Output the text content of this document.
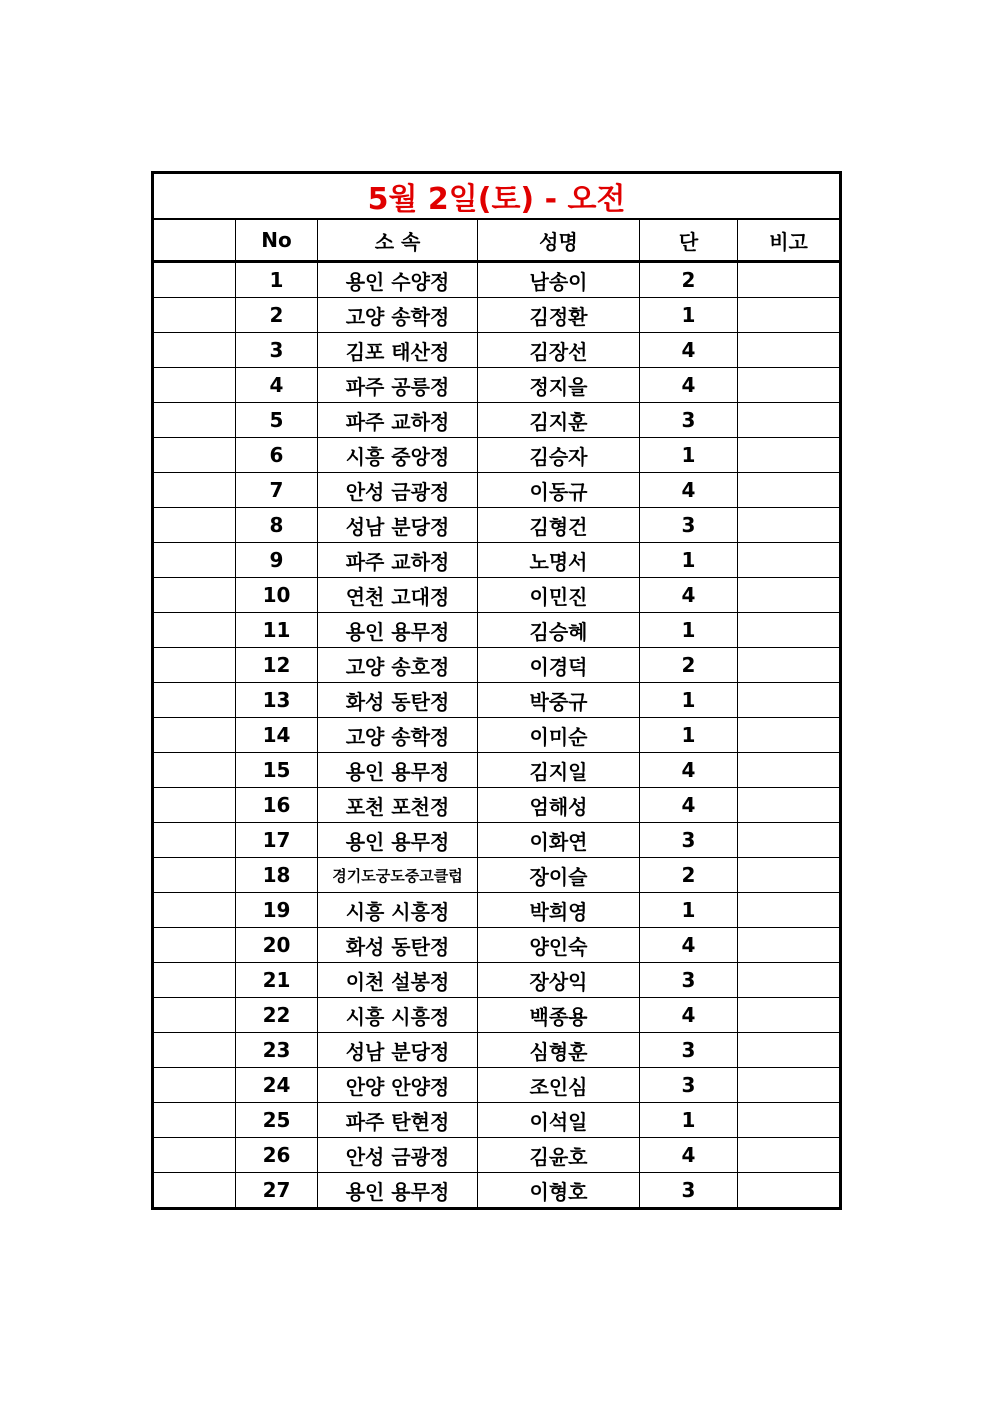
5월 2일(토) - 오전					
	No	소 속	성명	단	비고
	1	용인 수양정	남송이	2	
	2	고양 송학정	김정환	1	
	3	김포 태산정	김장선	4	
	4	파주 공릉정	정지을	4	
	5	파주 교하정	김지훈	3	
	6	시흥 중앙정	김승자	1	
	7	안성 금광정	이동규	4	
	8	성남 분당정	김형건	3	
	9	파주 교하정	노명서	1	
	10	연천 고대정	이민진	4	
	11	용인 용무정	김승혜	1	
	12	고양 송호정	이경덕	2	
	13	화성 동탄정	박중규	1	
	14	고양 송학정	이미순	1	
	15	용인 용무정	김지일	4	
	16	포천 포천정	엄해성	4	
	17	용인 용무정	이화연	3	
	18	경기도궁도중고클럽	장이슬	2	
	19	시흥 시흥정	박희영	1	
	20	화성 동탄정	양인숙	4	
	21	이천 설봉정	장상익	3	
	22	시흥 시흥정	백종용	4	
	23	성남 분당정	심형훈	3	
	24	안양 안양정	조인심	3	
	25	파주 탄현정	이석일	1	
	26	안성 금광정	김윤호	4	
	27	용인 용무정	이형호	3	
